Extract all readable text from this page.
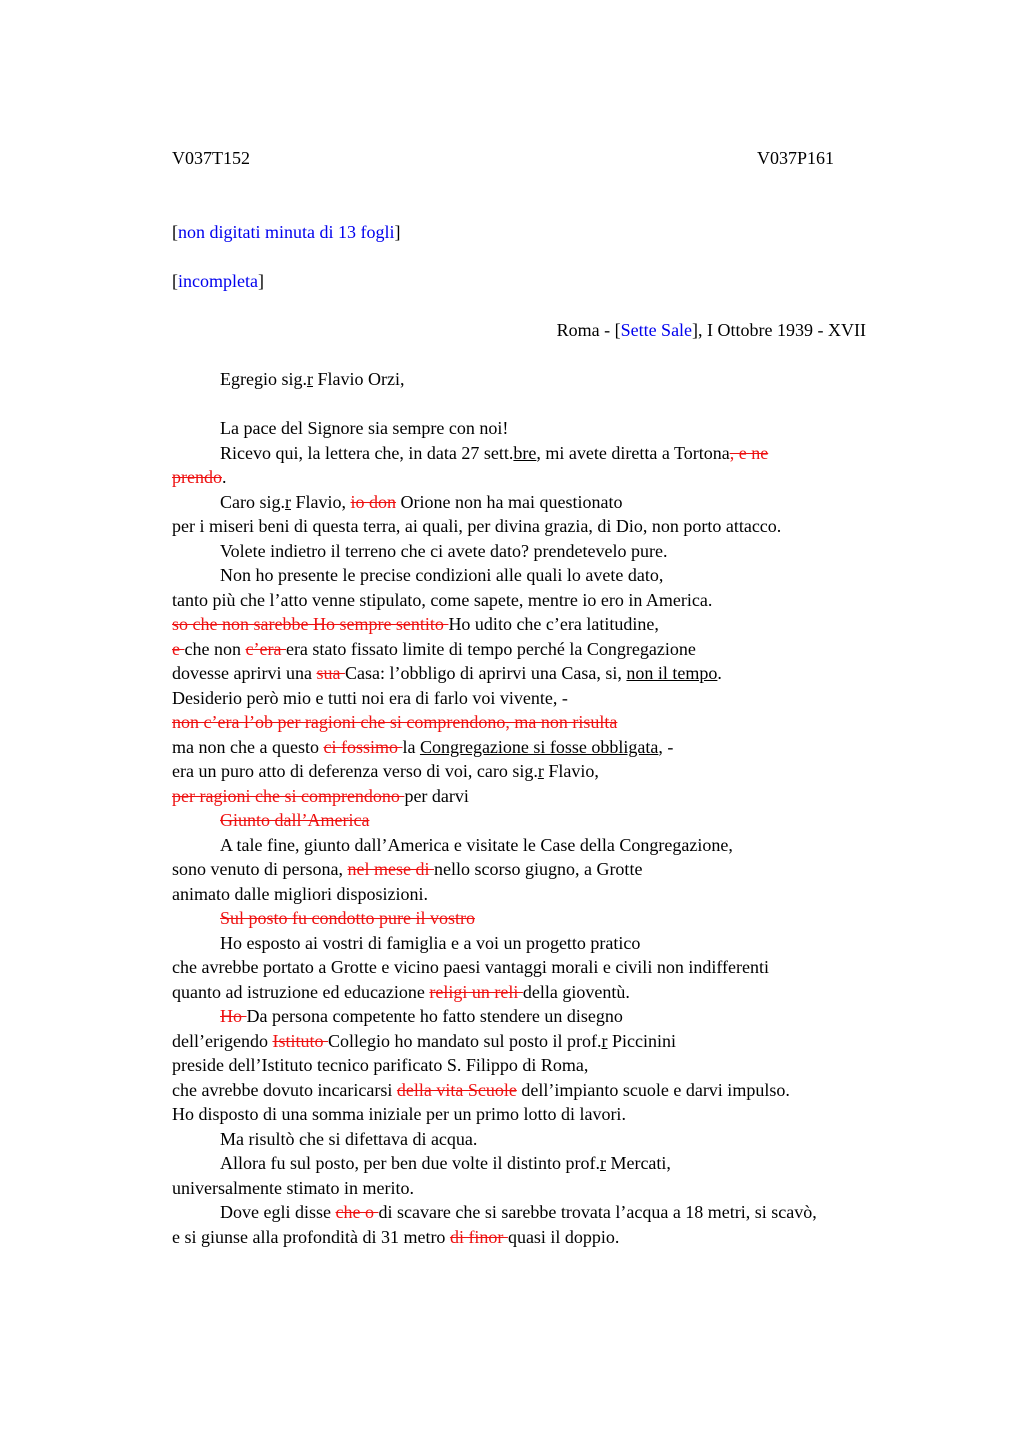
V037T152	V037P161
[non digitati minuta di 13 fogli]
[incompleta]
Roma - [Sette Sale], I Ottobre 1939 - XVII
Egregio sig.r Flavio Orzi,
La pace del Signore sia sempre con noi!
Ricevo qui, la lettera che, in data 27 sett.bre, mi avete diretta a Tortona, e ne
prendo.
Caro sig.r Flavio, io don Orione non ha mai questionato
per i miseri beni di questa terra, ai quali, per divina grazia, di Dio, non porto attacco.
Volete indietro il terreno che ci avete dato? prendetevelo pure.
Non ho presente le precise condizioni alle quali lo avete dato,
tanto più che l’atto venne stipulato, come sapete, mentre io ero in America.
so che non sarebbe Ho sempre sentito Ho udito che c’era latitudine,
e che non c’era era stato fissato limite di tempo perché la Congregazione
dovesse aprirvi una sua Casa: l’obbligo di aprirvi una Casa, si, non il tempo.
Desiderio però mio e tutti noi era di farlo voi vivente, -
non c’era l’ob per ragioni che si comprendono, ma non risulta
ma non che a questo ci fossimo la Congregazione si fosse obbligata, -
era un puro atto di deferenza verso di voi, caro sig.r Flavio,
per ragioni che si comprendono per darvi
Giunto dall’America
A tale fine, giunto dall’America e visitate le Case della Congregazione,
sono venuto di persona, nel mese di nello scorso giugno, a Grotte
animato dalle migliori disposizioni.
Sul posto fu condotto pure il vostro
Ho esposto ai vostri di famiglia e a voi un progetto pratico
che avrebbe portato a Grotte e vicino paesi vantaggi morali e civili non indifferenti
quanto ad istruzione ed educazione religi un reli della gioventù.
Ho Da persona competente ho fatto stendere un disegno
dell’erigendo Istituto Collegio ho mandato sul posto il prof.r Piccinini
preside dell’Istituto tecnico parificato S. Filippo di Roma,
che avrebbe dovuto incaricarsi della vita Scuole dell’impianto scuole e darvi impulso.
Ho disposto di una somma iniziale per un primo lotto di lavori.
Ma risultò che si difettava di acqua.
Allora fu sul posto, per ben due volte il distinto prof.r Mercati,
universalmente stimato in merito.
Dove egli disse che o di scavare che si sarebbe trovata l’acqua a 18 metri, si scavò,
e si giunse alla profondità di 31 metro di finor quasi il doppio.
